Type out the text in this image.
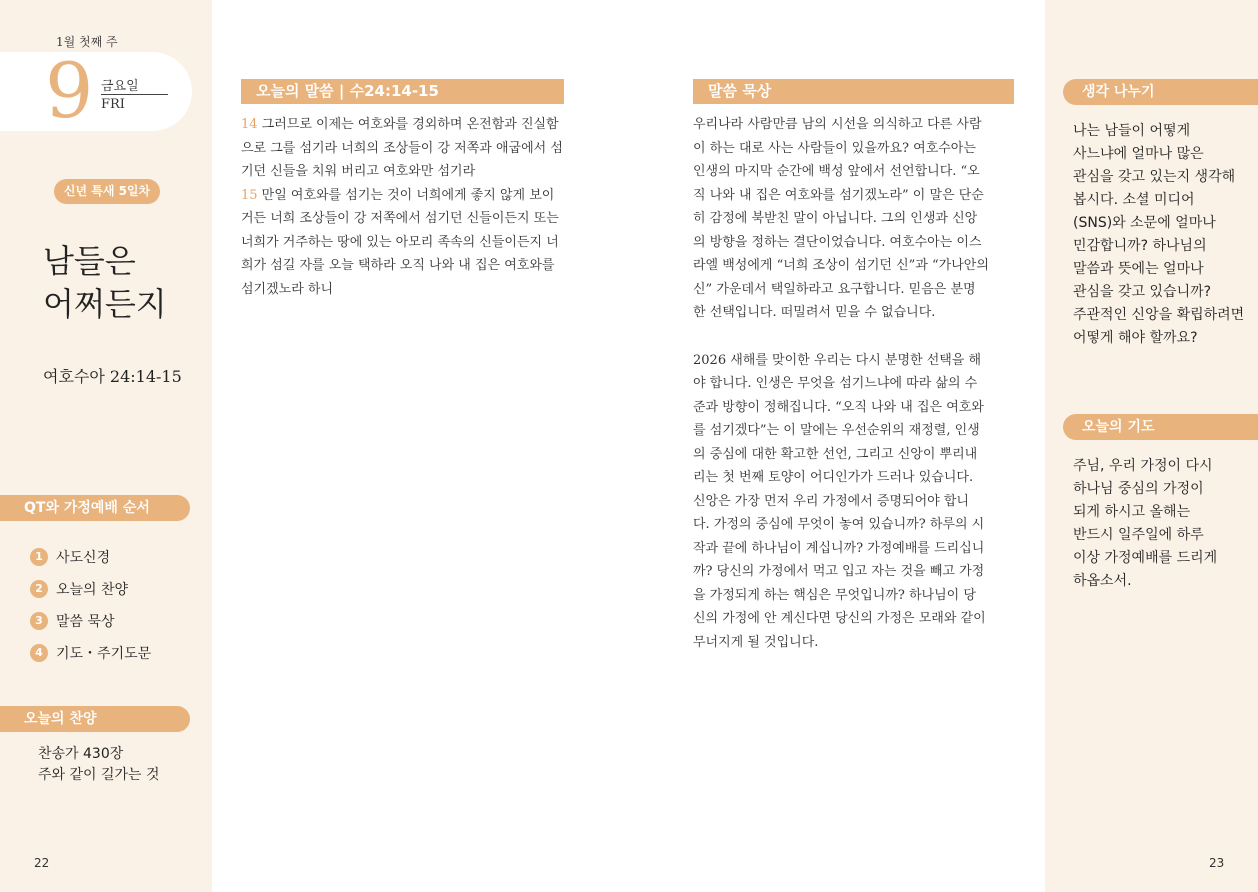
1월 첫째 주
9 금요일
FRI
신년 특새 5일차
남들은
어쩌든지
여호수아 24:14-15
QT와 가정예배 순서
1 사도신경
2 오늘의 찬양
3 말씀 묵상
4 기도・주기도문
오늘의 찬양
찬송가 430장
주와 같이 길가는 것
22
오늘의 말씀 | 수24:14-15

14 그러므로 이제는 여호와를 경외하며 온전함과 진실함으로 그를 섬기라 너희의 조상들이 강 저쪽과 애굽에서 섬기던 신들을 치워 버리고 여호와만 섬기라

15 만일 여호와를 섬기는 것이 너희에게 좋지 않게 보이거든 너희 조상들이 강 저쪽에서 섬기던 신들이든지 또는 너희가 거주하는 땅에 있는 아모리 족속의 신들이든지 너희가 섬길 자를 오늘 택하라 오직 나와 내 집은 여호와를 섬기겠노라 하니

말씀 묵상
우리나라 사람만큼 남의 시선을 의식하고 다른 사람
이 하는 대로 사는 사람들이 있을까요? 여호수아는
인생의 마지막 순간에 백성 앞에서 선언합니다. “오
직 나와 내 집은 여호와를 섬기겠노라” 이 말은 단순
히 감정에 북받친 말이 아닙니다. 그의 인생과 신앙
의 방향을 정하는 결단이었습니다. 여호수아는 이스
라엘 백성에게 “너희 조상이 섬기던 신”과 “가나안의
신” 가운데서 택일하라고 요구합니다. 믿음은 분명
한 선택입니다. 떠밀려서 믿을 수 없습니다.
2026 새해를 맞이한 우리는 다시 분명한 선택을 해
야 합니다. 인생은 무엇을 섬기느냐에 따라 삶의 수
준과 방향이 정해집니다. “오직 나와 내 집은 여호와
를 섬기겠다”는 이 말에는 우선순위의 재정렬, 인생
의 중심에 대한 확고한 선언, 그리고 신앙이 뿌리내
리는 첫 번째 토양이 어디인가가 드러나 있습니다.
신앙은 가장 먼저 우리 가정에서 증명되어야 합니
다. 가정의 중심에 무엇이 놓여 있습니까? 하루의 시
작과 끝에 하나님이 계십니까? 가정예배를 드리십니
까? 당신의 가정에서 먹고 입고 자는 것을 빼고 가정
을 가정되게 하는 핵심은 무엇입니까? 하나님이 당
신의 가정에 안 계신다면 당신의 가정은 모래와 같이
무너지게 될 것입니다.
생각 나누기
나는 남들이 어떻게
사느냐에 얼마나 많은
관심을 갖고 있는지 생각해
봅시다. 소셜 미디어
(SNS)와 소문에 얼마나
민감합니까? 하나님의
말씀과 뜻에는 얼마나
관심을 갖고 있습니까?
주관적인 신앙을 확립하려면
어떻게 해야 할까요?
오늘의 기도
주님, 우리 가정이 다시
하나님 중심의 가정이
되게 하시고 올해는
반드시 일주일에 하루
이상 가정예배를 드리게
하옵소서.
23
